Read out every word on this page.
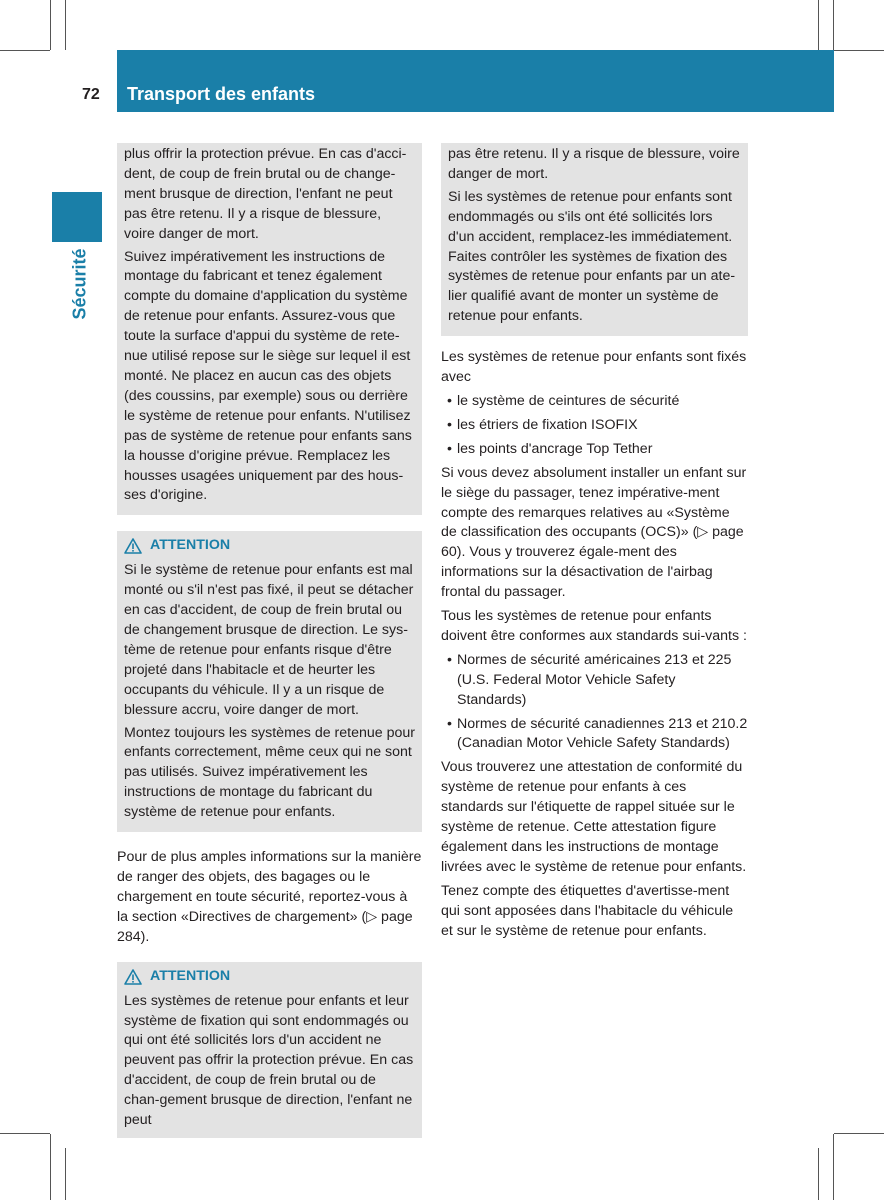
72 Transport des enfants
Sécurité

plus offrir la protection prévue. En cas d'acci-dent, de coup de frein brutal ou de change-ment brusque de direction, l'enfant ne peut pas être retenu. Il y a risque de blessure, voire danger de mort.

Suivez impérativement les instructions de montage du fabricant et tenez également compte du domaine d'application du système de retenue pour enfants. Assurez-vous que toute la surface d'appui du système de rete-nue utilisé repose sur le siège sur lequel il est monté. Ne placez en aucun cas des objets (des coussins, par exemple) sous ou derrière le système de retenue pour enfants. N'utilisez pas de système de retenue pour enfants sans la housse d'origine prévue. Remplacez les housses usagées uniquement par des hous-ses d'origine.

ATTENTION

Si le système de retenue pour enfants est mal monté ou s'il n'est pas fixé, il peut se détacher en cas d'accident, de coup de frein brutal ou de changement brusque de direction. Le sys-tème de retenue pour enfants risque d'être projeté dans l'habitacle et de heurter les occupants du véhicule. Il y a un risque de blessure accru, voire danger de mort.

Montez toujours les systèmes de retenue pour enfants correctement, même ceux qui ne sont pas utilisés. Suivez impérativement les instructions de montage du fabricant du système de retenue pour enfants.

Pour de plus amples informations sur la manière de ranger des objets, des bagages ou le chargement en toute sécurité, reportez-vous à la section «Directives de chargement» (▷ page 284).

ATTENTION

Les systèmes de retenue pour enfants et leur système de fixation qui sont endommagés ou qui ont été sollicités lors d'un accident ne peuvent pas offrir la protection prévue. En cas d'accident, de coup de frein brutal ou de chan-gement brusque de direction, l'enfant ne peut

pas être retenu. Il y a risque de blessure, voire danger de mort.

Si les systèmes de retenue pour enfants sont endommagés ou s'ils ont été sollicités lors d'un accident, remplacez-les immédiatement. Faites contrôler les systèmes de fixation des systèmes de retenue pour enfants par un ate-lier qualifié avant de monter un système de retenue pour enfants.

Les systèmes de retenue pour enfants sont fixés avec

• le système de ceintures de sécurité
• les étriers de fixation ISOFIX
• les points d'ancrage Top Tether

Si vous devez absolument installer un enfant sur le siège du passager, tenez impérative-ment compte des remarques relatives au «Système de classification des occupants (OCS)» (▷ page 60). Vous y trouverez égale-ment des informations sur la désactivation de l'airbag frontal du passager.

Tous les systèmes de retenue pour enfants doivent être conformes aux standards sui-vants :

• Normes de sécurité américaines 213 et 225 (U.S. Federal Motor Vehicle Safety Standards)
• Normes de sécurité canadiennes 213 et 210.2 (Canadian Motor Vehicle Safety Standards)

Vous trouverez une attestation de conformité du système de retenue pour enfants à ces standards sur l'étiquette de rappel située sur le système de retenue. Cette attestation figure également dans les instructions de montage livrées avec le système de retenue pour enfants.

Tenez compte des étiquettes d'avertisse-ment qui sont apposées dans l'habitacle du véhicule et sur le système de retenue pour enfants.
